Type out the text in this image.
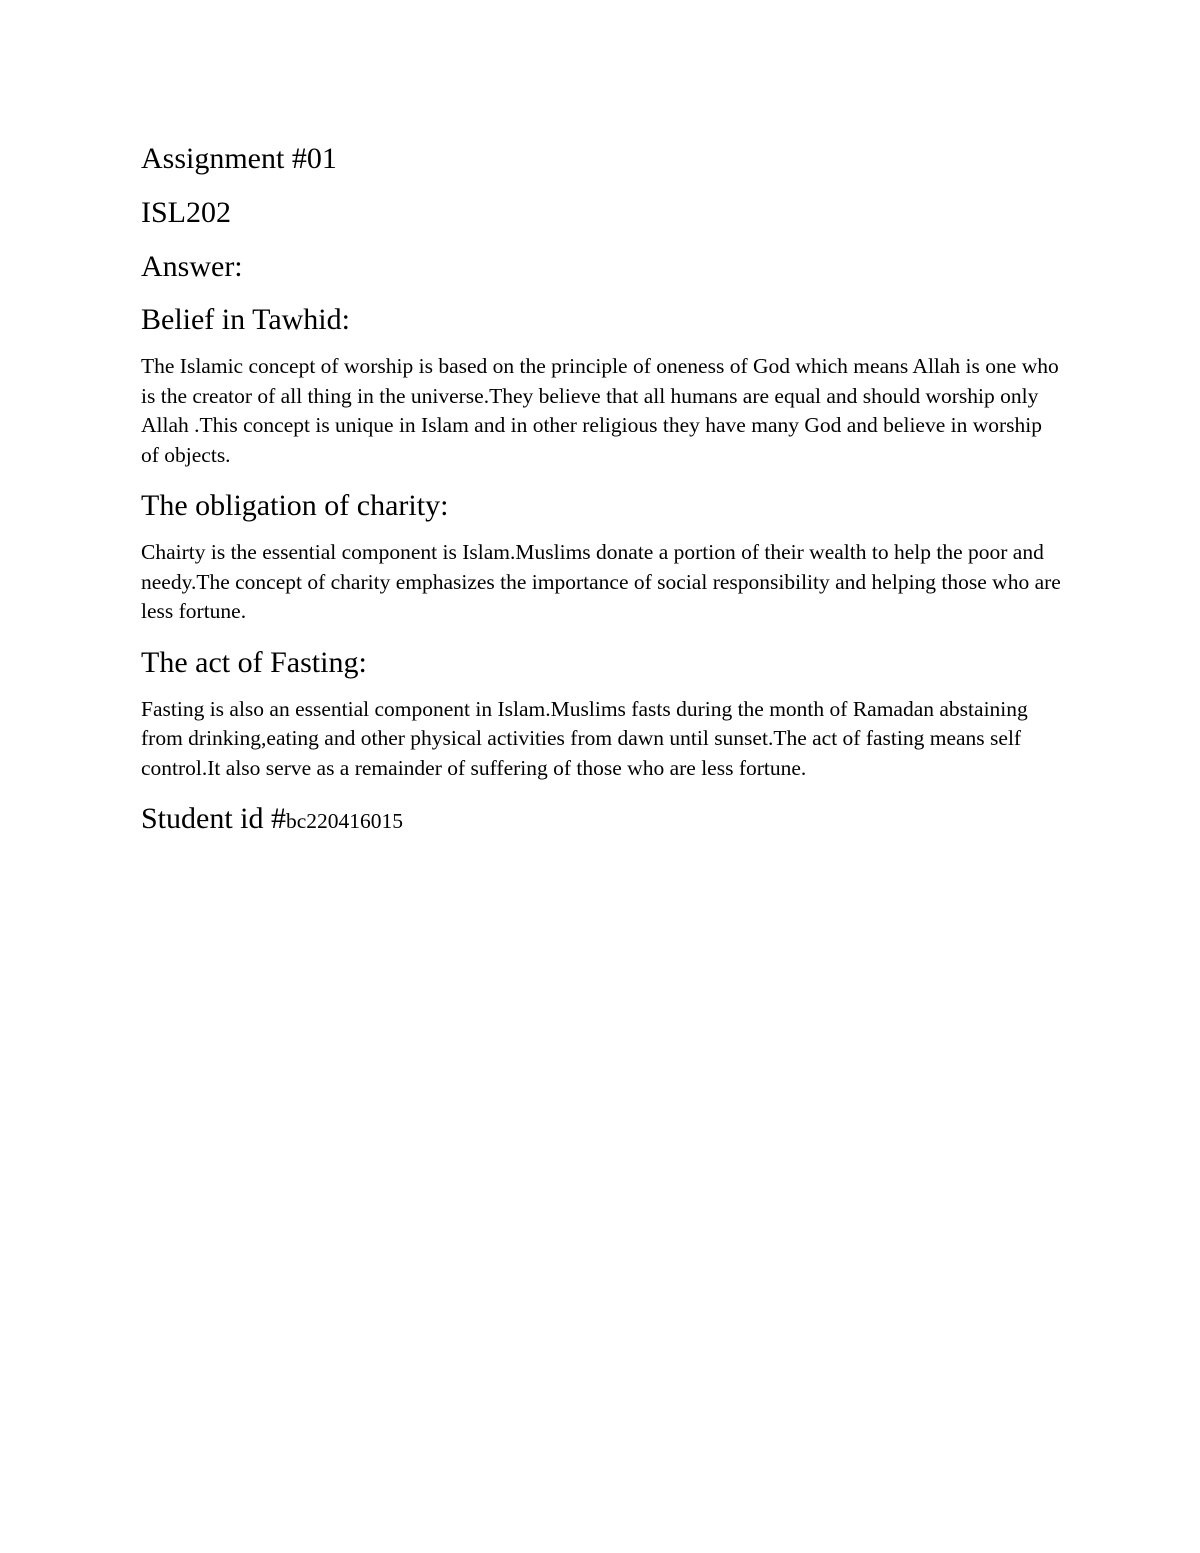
Assignment #01
ISL202
Answer:
Belief in Tawhid:

The Islamic concept of worship is based on the principle of oneness of God which means Allah is one who is the creator of all thing in the universe.They believe that all humans are equal and should worship only Allah .This concept is unique in Islam and in other religious they have many God and believe in worship of objects.

The obligation of charity:

Chairty is the essential component is Islam.Muslims donate a portion of their wealth to help the poor and needy.The concept of charity emphasizes the importance of social responsibility and helping those who are less fortune.

The act of Fasting:

Fasting is also an essential component in Islam.Muslims fasts during the month of Ramadan abstaining from drinking,eating and other physical activities from dawn until sunset.The act of fasting means self control.It also serve as a remainder of suffering of those who are less fortune.

Student id #bc220416015
